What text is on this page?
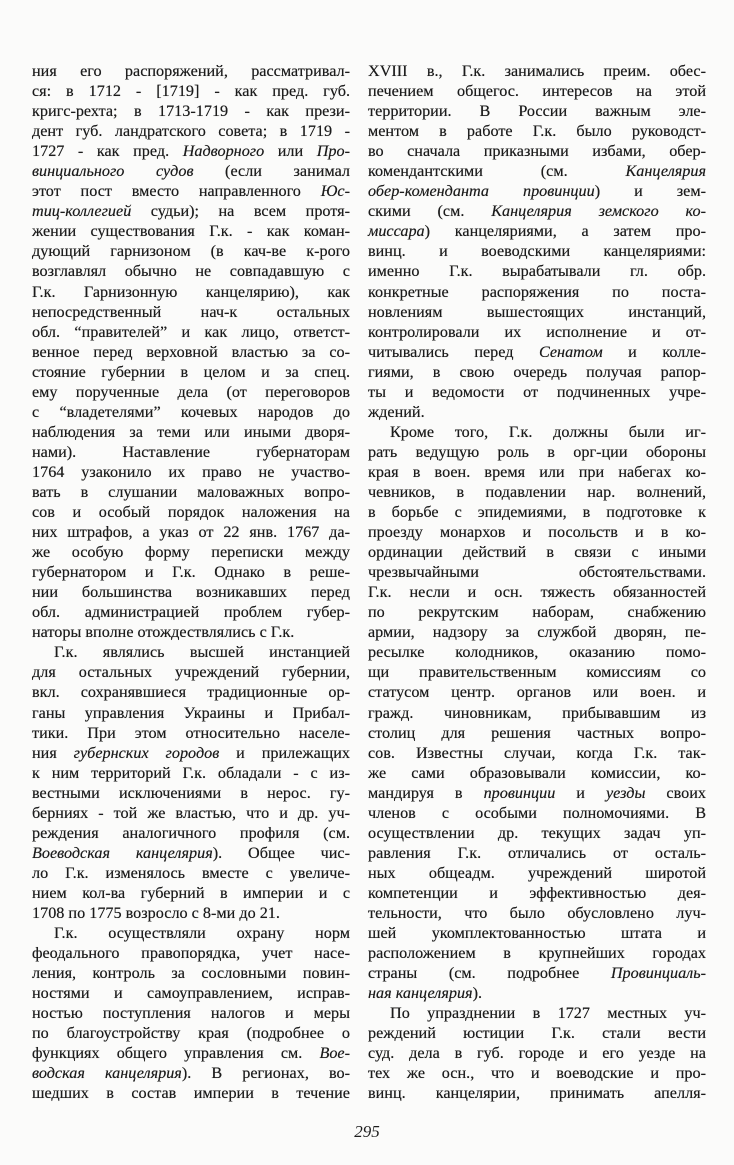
ния его распоряжений, рассматривал-
ся: в 1712 - [1719] - как пред. губ.
кригс-рехта; в 1713-1719 - как прези-
дент губ. ландратского совета; в 1719 -
1727 - как пред. Надворного или Про-
винциального судов (если занимал
этот пост вместо направленного Юс-
тиц-коллегией судьи); на всем протя-
жении существования Г.к. - как коман-
дующий гарнизоном (в кач-ве к-рого
возглавлял обычно не совпадавшую с
Г.к. Гарнизонную канцелярию), как
непосредственный нач-к остальных
обл. “правителей” и как лицо, ответст-
венное перед верховной властью за со-
стояние губернии в целом и за спец.
ему порученные дела (от переговоров
с “владетелями” кочевых народов до
наблюдения за теми или иными дворя-
нами). Наставление губернаторам
1764 узаконило их право не участво-
вать в слушании маловажных вопро-
сов и особый порядок наложения на
них штрафов, а указ от 22 янв. 1767 да-
же особую форму переписки между
губернатором и Г.к. Однако в реше-
нии большинства возникавших перед
обл. администрацией проблем губер-
наторы вполне отождествлялись с Г.к.
Г.к. являлись высшей инстанцией
для остальных учреждений губернии,
вкл. сохранявшиеся традиционные ор-
ганы управления Украины и Прибал-
тики. При этом относительно населе-
ния губернских городов и прилежащих
к ним территорий Г.к. обладали - с из-
вестными исключениями в нерос. гу-
берниях - той же властью, что и др. уч-
реждения аналогичного профиля (см.
Воеводская канцелярия). Общее чис-
ло Г.к. изменялось вместе с увеличе-
нием кол-ва губерний в империи и с
1708 по 1775 возросло с 8-ми до 21.
Г.к. осуществляли охрану норм
феодального правопорядка, учет насе-
ления, контроль за сословными повин-
ностями и самоуправлением, исправ-
ностью поступления налогов и меры
по благоустройству края (подробнее о
функциях общего управления см. Вое-
водская канцелярия). В регионах, во-
шедших в состав империи в течение
XVIII в., Г.к. занимались преим. обес-
печением общегос. интересов на этой
территории. В России важным эле-
ментом в работе Г.к. было руководст-
во сначала приказными избами, обер-
комендантскими (см. Канцелярия
обер-коменданта провинции) и зем-
скими (см. Канцелярия земского ко-
миссара) канцеляриями, а затем про-
винц. и воеводскими канцеляриями:
именно Г.к. вырабатывали гл. обр.
конкретные распоряжения по поста-
новлениям вышестоящих инстанций,
контролировали их исполнение и от-
читывались перед Сенатом и колле-
гиями, в свою очередь получая рапор-
ты и ведомости от подчиненных учре-
ждений.
Кроме того, Г.к. должны были иг-
рать ведущую роль в орг-ции обороны
края в воен. время или при набегах ко-
чевников, в подавлении нар. волнений,
в борьбе с эпидемиями, в подготовке к
проезду монархов и посольств и в ко-
ординации действий в связи с иными
чрезвычайными обстоятельствами.
Г.к. несли и осн. тяжесть обязанностей
по рекрутским наборам, снабжению
армии, надзору за службой дворян, пе-
ресылке колодников, оказанию помо-
щи правительственным комиссиям со
статусом центр. органов или воен. и
гражд. чиновникам, прибывавшим из
столиц для решения частных вопро-
сов. Известны случаи, когда Г.к. так-
же сами образовывали комиссии, ко-
мандируя в провинции и уезды своих
членов с особыми полномочиями. В
осуществлении др. текущих задач уп-
равления Г.к. отличались от осталь-
ных общеадм. учреждений широтой
компетенции и эффективностью дея-
тельности, что было обусловлено луч-
шей укомплектованностью штата и
расположением в крупнейших городах
страны (см. подробнее Провинциаль-
ная канцелярия).
По упразднении в 1727 местных уч-
реждений юстиции Г.к. стали вести
суд. дела в губ. городе и его уезде на
тех же осн., что и воеводские и про-
винц. канцелярии, принимать апелля-
295
